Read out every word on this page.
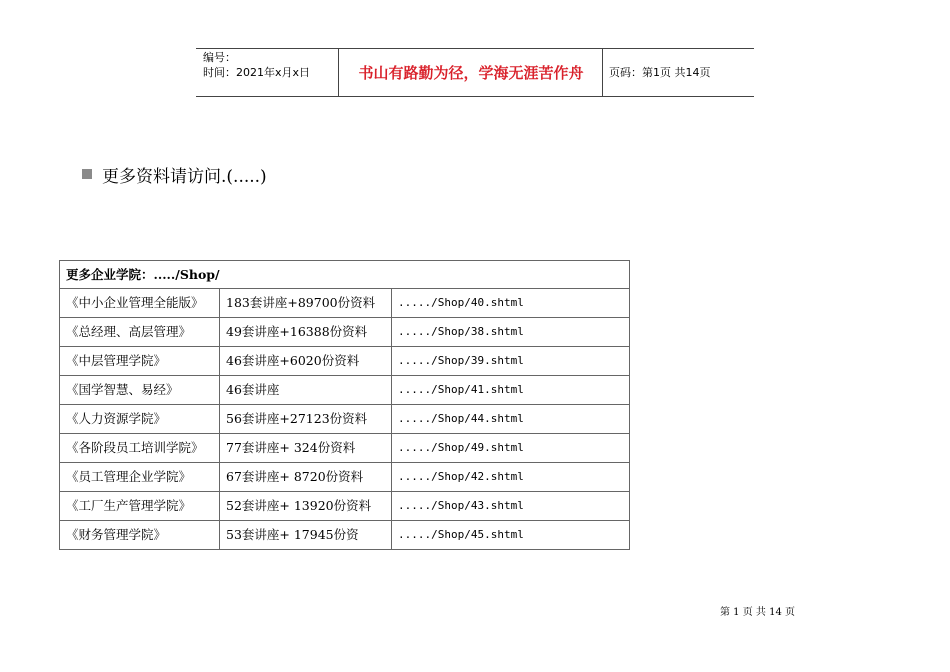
编号：
时间：2021年x月x日	书山有路勤为径，学海无涯苦作舟	页码：第1页 共14页
更多资料请访问.(.....)
更多企业学院：...../Shop/		
《中小企业管理全能版》	183套讲座+89700份资料	...../Shop/40.shtml
《总经理、高层管理》	49套讲座+16388份资料	...../Shop/38.shtml
《中层管理学院》	46套讲座+6020份资料	...../Shop/39.shtml
《国学智慧、易经》	46套讲座	...../Shop/41.shtml
《人力资源学院》	56套讲座+27123份资料	...../Shop/44.shtml
《各阶段员工培训学院》	77套讲座+ 324份资料	...../Shop/49.shtml
《员工管理企业学院》	67套讲座+ 8720份资料	...../Shop/42.shtml
《工厂生产管理学院》	52套讲座+ 13920份资料	...../Shop/43.shtml
《财务管理学院》	53套讲座+ 17945份资	...../Shop/45.shtml
第 1 页 共 14 页
